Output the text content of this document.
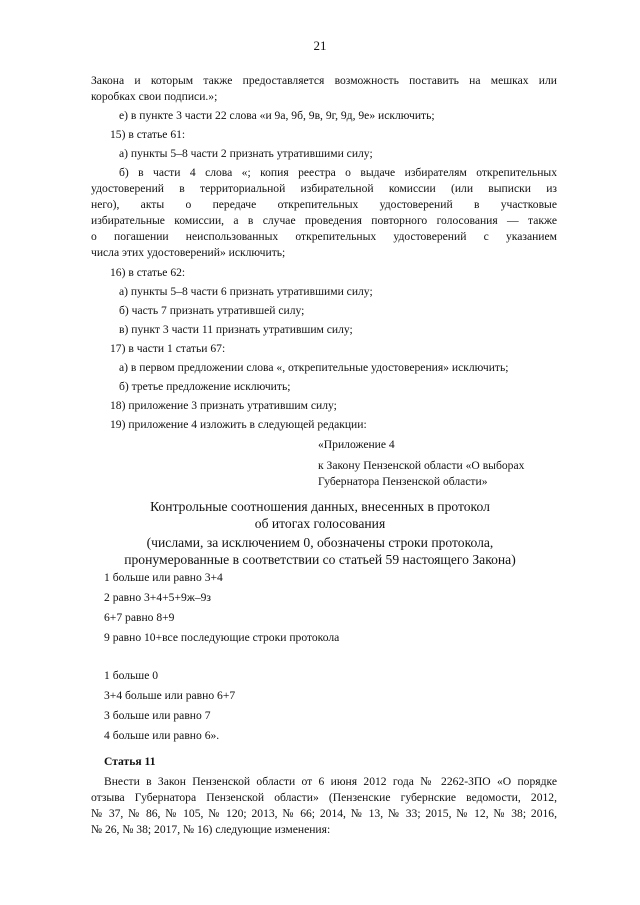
21

Закона и которым также предоставляется возможность поставить на мешках или

коробках свои подписи.»;

е) в пункте 3 части 22 слова «и 9а, 9б, 9в, 9г, 9д, 9е» исключить;

15) в статье 61:

а) пункты 5–8 части 2 признать утратившими силу;

б) в части 4 слова «; копия реестра о выдаче избирателям открепительных

удостоверений в территориальной избирательной комиссии (или выписки из

него), акты о передаче открепительных удостоверений в участковые

избирательные комиссии, а в случае проведения повторного голосования — также

о погашении неиспользованных открепительных удостоверений с указанием

числа этих удостоверений» исключить;

16) в статье 62:

а) пункты 5–8 части 6 признать утратившими силу;

б) часть 7 признать утратившей силу;

в) пункт 3 части 11 признать утратившим силу;

17) в части 1 статьи 67:

а) в первом предложении слова «, открепительные удостоверения» исключить;

б) третье предложение исключить;

18) приложение 3 признать утратившим силу;

19) приложение 4 изложить в следующей редакции:

«Приложение 4

к Закону Пензенской области «О выборах

Губернатора Пензенской области»

Контрольные соотношения данных, внесенных в протокол
об итогах голосования
(числами, за исключением 0, обозначены строки протокола,
пронумерованные в соответствии со статьей 59 настоящего Закона)

1 больше или равно 3+4

2 равно 3+4+5+9ж–9з

6+7 равно 8+9

9 равно 10+все последующие строки протокола

1 больше 0

3+4 больше или равно 6+7

3 больше или равно 7

4 больше или равно 6».

Статья 11

Внести в Закон Пензенской области от 6 июня 2012 года № 2262-ЗПО «О порядке

отзыва Губернатора Пензенской области» (Пензенские губернские ведомости, 2012,

№ 37, № 86, № 105, № 120; 2013, № 66; 2014, № 13, № 33; 2015, № 12, № 38; 2016,

№ 26, № 38; 2017, № 16) следующие изменения:
